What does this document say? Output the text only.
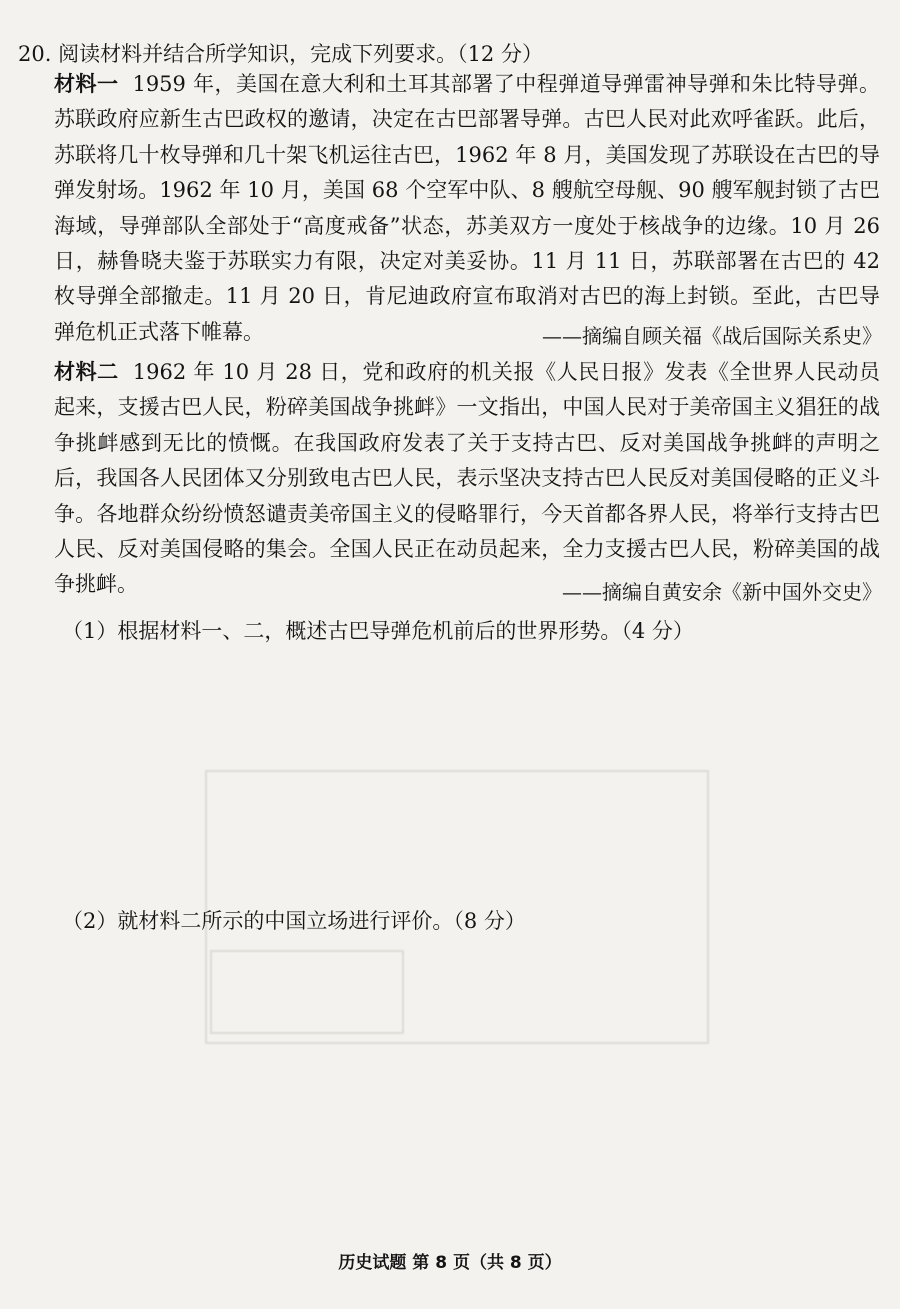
20. 阅读材料并结合所学知识，完成下列要求。（12 分）
材料一 1959 年，美国在意大利和土耳其部署了中程弹道导弹雷神导弹和朱比特导弹。苏联政府应新生古巴政权的邀请，决定在古巴部署导弹。古巴人民对此欢呼雀跃。此后，苏联将几十枚导弹和几十架飞机运往古巴，1962 年 8 月，美国发现了苏联设在古巴的导弹发射场。1962 年 10 月，美国 68 个空军中队、8 艘航空母舰、90 艘军舰封锁了古巴海域，导弹部队全部处于“高度戒备”状态，苏美双方一度处于核战争的边缘。10 月 26 日，赫鲁晓夫鉴于苏联实力有限，决定对美妥协。11 月 11 日，苏联部署在古巴的 42 枚导弹全部撤走。11 月 20 日，肯尼迪政府宣布取消对古巴的海上封锁。至此，古巴导弹危机正式落下帷幕。	——摘编自顾关福《战后国际关系史》
材料二 1962 年 10 月 28 日，党和政府的机关报《人民日报》发表《全世界人民动员起来，支援古巴人民，粉碎美国战争挑衅》一文指出，中国人民对于美帝国主义猖狂的战争挑衅感到无比的愤慨。在我国政府发表了关于支持古巴、反对美国战争挑衅的声明之后，我国各人民团体又分别致电古巴人民，表示坚决支持古巴人民反对美国侵略的正义斗争。各地群众纷纷愤怒谴责美帝国主义的侵略罪行，今天首都各界人民，将举行支持古巴人民、反对美国侵略的集会。全国人民正在动员起来，全力支援古巴人民，粉碎美国的战争挑衅。	——摘编自黄安余《新中国外交史》
（1）根据材料一、二，概述古巴导弹危机前后的世界形势。（4 分）
（2）就材料二所示的中国立场进行评价。（8 分）
历史试题 第 8 页（共 8 页）
